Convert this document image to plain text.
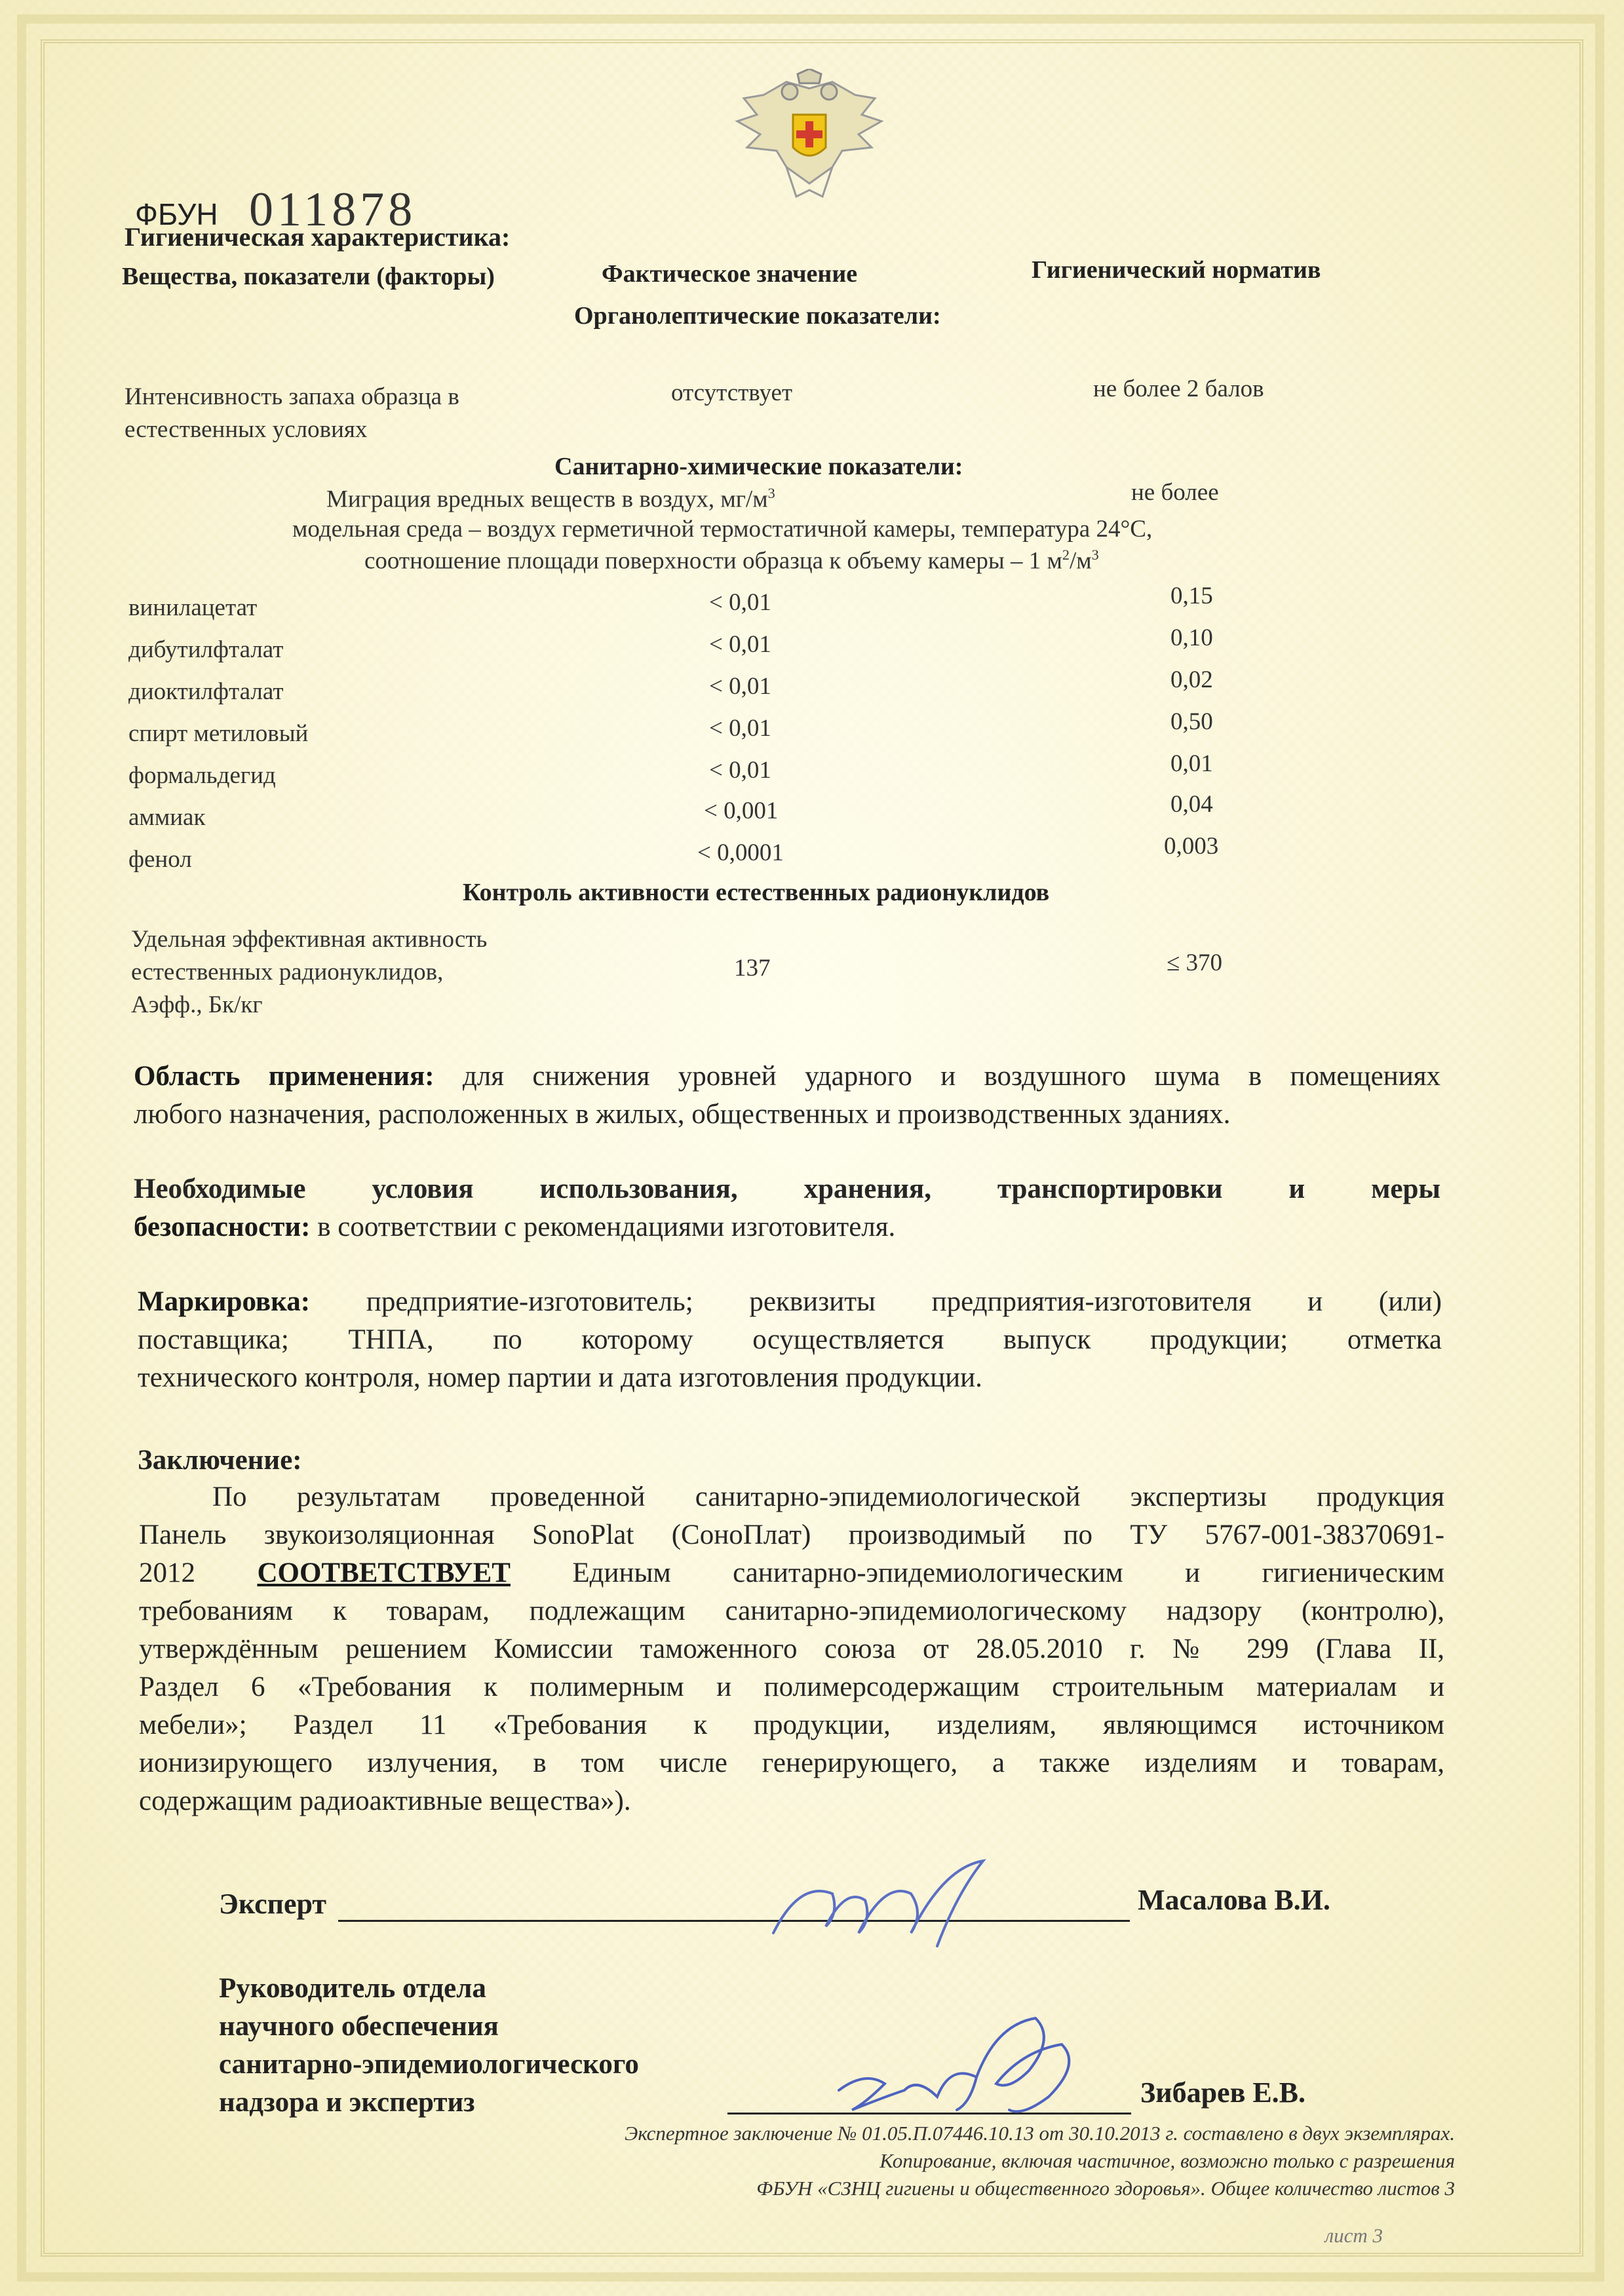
ФБУН 011878
Гигиеническая характеристика:
Вещества, показатели (факторы)	Фактическое значение	Гигиенический норматив
Органолептические показатели:
Интенсивность запаха образца в
естественных условиях
отсутствует	не более 2 балов
Санитарно-химические показатели:
Миграция вредных веществ в воздух, $мг/м^3$	не более
модельная среда – воздух герметичной термостатичной камеры, температура 24°С,
соотношение площади поверхности образца к объему камеры – 1 $м^2/м^3$
винилацетат	< 0,01	0,15
дибутилфталат	< 0,01	0,10
диоктилфталат	< 0,01	0,02
спирт метиловый	< 0,01	0,50
формальдегид	< 0,01	0,01
аммиак	< 0,001	0,04
фенол	< 0,0001	0,003
Контроль активности естественных радионуклидов
Удельная эффективная активность
естественных радионуклидов,
Аэфф., Бк/кг
137	≤ 370
Область применения: для снижения уровней ударного и воздушного шума в помещениях
любого назначения, расположенных в жилых, общественных и производственных зданиях.
Необходимые условия использования, хранения, транспортировки и меры
безопасности: в соответствии с рекомендациями изготовителя.
Маркировка: предприятие-изготовитель; реквизиты предприятия-изготовителя и (или)
поставщика; ТНПА, по которому осуществляется выпуск продукции; отметка
технического контроля, номер партии и дата изготовления продукции.
Заключение:
По результатам проведенной санитарно-эпидемиологической экспертизы продукция
Панель звукоизоляционная SonoPlat (СоноПлат) производимый по ТУ 5767-001-38370691-
2012 СООТВЕТСТВУЕТ Единым санитарно-эпидемиологическим и гигиеническим
требованиям к товарам, подлежащим санитарно-эпидемиологическому надзору (контролю),
утверждённым решением Комиссии таможенного союза от 28.05.2010 г. № 299 (Глава II,
Раздел 6 «Требования к полимерным и полимерсодержащим строительным материалам и
мебели»; Раздел 11 «Требования к продукции, изделиям, являющимся источником
ионизирующего излучения, в том числе генерирующего, а также изделиям и товарам,
содержащим радиоактивные вещества»).
Эксперт	Масалова В.И.
Руководитель отдела
научного обеспечения
санитарно-эпидемиологического
надзора и экспертиз	Зибарев Е.В.
Экспертное заключение № 01.05.П.07446.10.13 от 30.10.2013 г. составлено в двух экземплярах.
Копирование, включая частичное, возможно только с разрешения
ФБУН «СЗНЦ гигиены и общественного здоровья». Общее количество листов 3
лист 3
